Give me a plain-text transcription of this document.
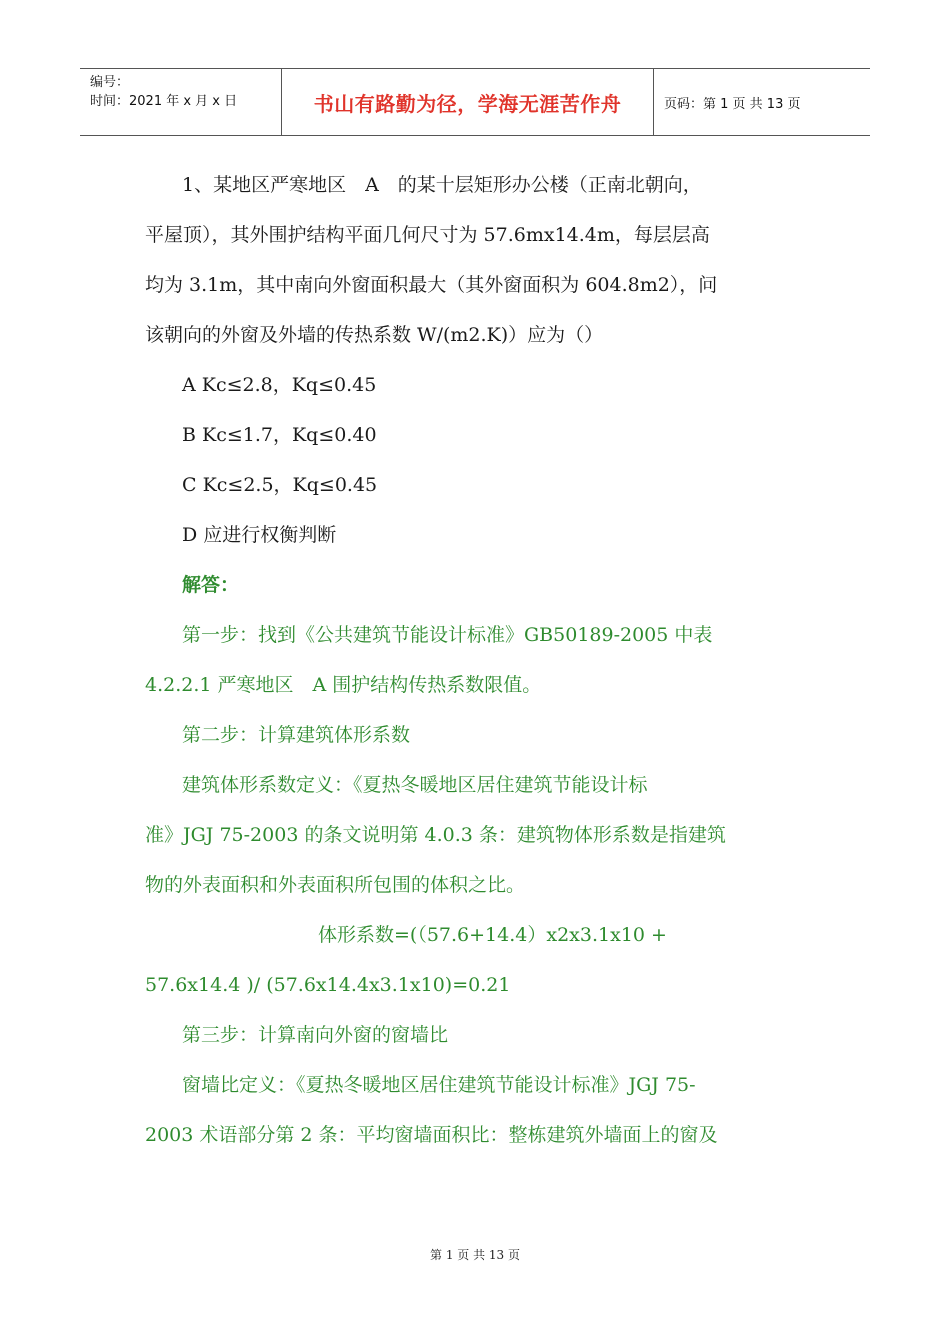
编号：
时间：2021 年 x 月 x 日	书山有路勤为径，学海无涯苦作舟	页码：第 1 页 共 13 页
1、某地区严寒地区　A　的某十层矩形办公楼（正南北朝向，
平屋顶），其外围护结构平面几何尺寸为 57.6mx14.4m，每层层高
均为 3.1m，其中南向外窗面积最大（其外窗面积为 604.8m2），问
该朝向的外窗及外墙的传热系数 W/(m2.K)）应为（）
A Kc≤2.8，Kq≤0.45
B Kc≤1.7，Kq≤0.40
C Kc≤2.5，Kq≤0.45
D 应进行权衡判断
解答：
第一步：找到《公共建筑节能设计标准》GB50189-2005 中表
4.2.2.1 严寒地区　A 围护结构传热系数限值。
第二步：计算建筑体形系数
建筑体形系数定义：《夏热冬暖地区居住建筑节能设计标
准》JGJ 75-2003 的条文说明第 4.0.3 条：建筑物体形系数是指建筑
物的外表面积和外表面积所包围的体积之比。
体形系数=(（57.6+14.4）x2x3.1x10 +
57.6x14.4 )/ (57.6x14.4x3.1x10)=0.21
第三步：计算南向外窗的窗墙比
窗墙比定义：《夏热冬暖地区居住建筑节能设计标准》JGJ 75-
2003 术语部分第 2 条：平均窗墙面积比：整栋建筑外墙面上的窗及
第 1 页 共 13 页
